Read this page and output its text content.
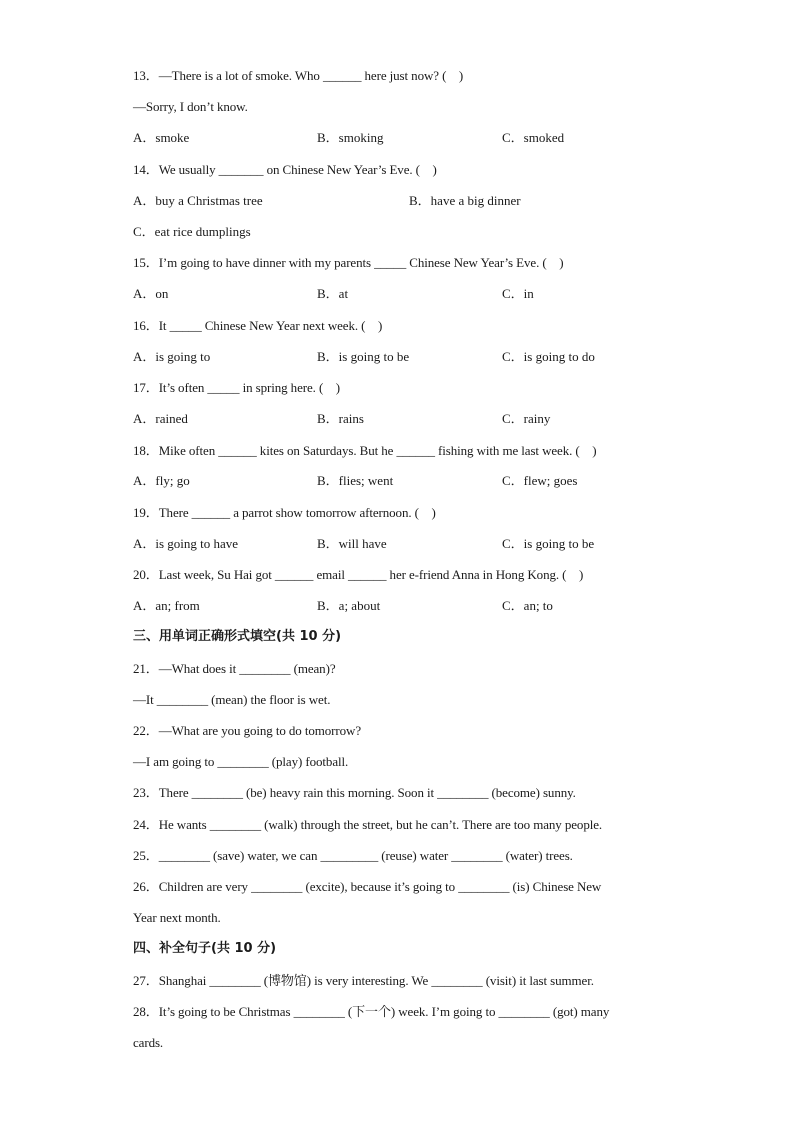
13．—There is a lot of smoke. Who ______ here just now? (    )
—Sorry, I don’t know.
A．smoke	B．smoking	C．smoked
14．We usually _______ on Chinese New Year’s Eve. (    )
A．buy a Christmas tree	B．have a big dinner
C．eat rice dumplings
15．I’m going to have dinner with my parents _____ Chinese New Year’s Eve. (    )
A．on	B．at	C．in
16．It _____ Chinese New Year next week. (    )
A．is going to	B．is going to be	C．is going to do
17．It’s often _____ in spring here. (    )
A．rained	B．rains	C．rainy
18．Mike often ______ kites on Saturdays. But he ______ fishing with me last week. (    )
A．fly; go	B．flies; went	C．flew; goes
19．There ______ a parrot show tomorrow afternoon. (    )
A．is going to have	B．will have	C．is going to be
20．Last week, Su Hai got ______ email ______ her e-friend Anna in Hong Kong. (    )
A．an; from	B．a; about	C．an; to
三、用单词正确形式填空(共 10 分)
21．—What does it ________ (mean)?
—It ________ (mean) the floor is wet.
22．—What are you going to do tomorrow?
—I am going to ________ (play) football.
23．There ________ (be) heavy rain this morning. Soon it ________ (become) sunny.
24．He wants ________ (walk) through the street, but he can’t. There are too many people.
25．________ (save) water, we can _________ (reuse) water ________ (water) trees.
26．Children are very ________ (excite), because it’s going to ________ (is) Chinese New
Year next month.
四、补全句子(共 10 分)
27．Shanghai ________ (博物馆) is very interesting. We ________ (visit) it last summer.
28．It’s going to be Christmas ________ (下一个) week. I’m going to ________ (got) many
cards.
